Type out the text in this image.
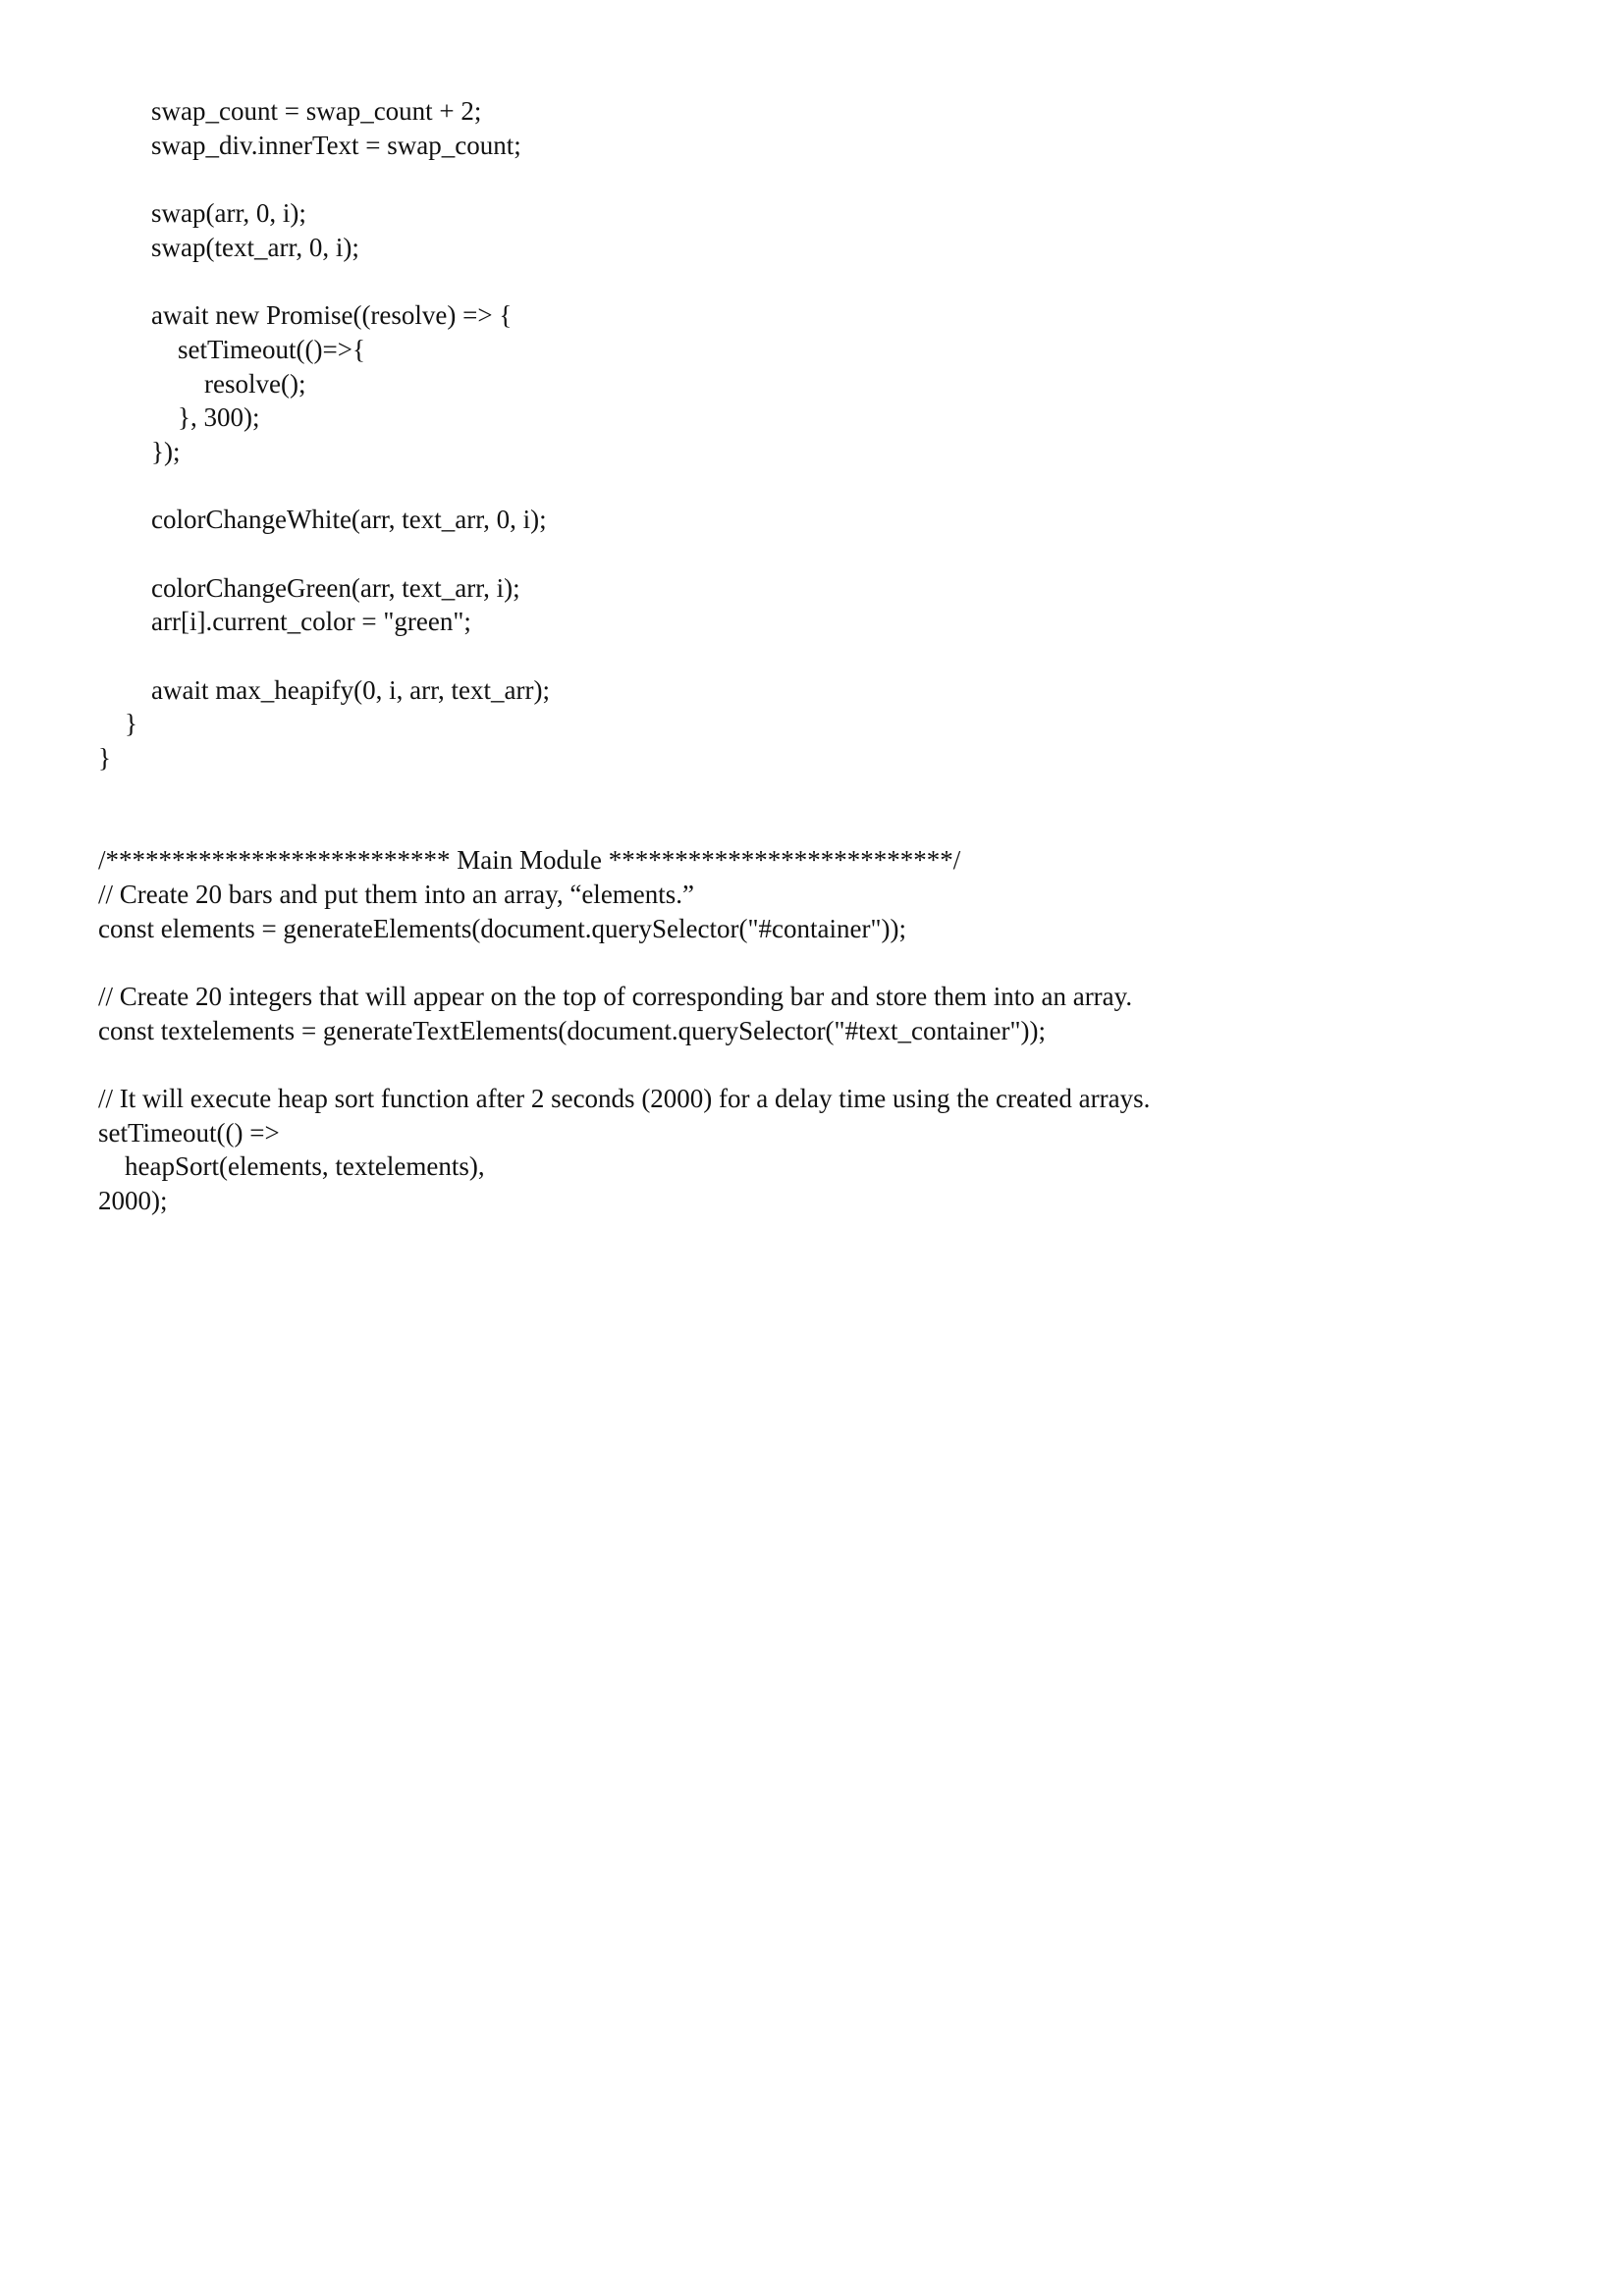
swap_count = swap_count + 2;
swap_div.innerText = swap_count;
swap(arr, 0, i);
swap(text_arr, 0, i);
await new Promise((resolve) => {
setTimeout(()=>{
resolve();
}, 300);
});
colorChangeWhite(arr, text_arr, 0, i);
colorChangeGreen(arr, text_arr, i);
arr[i].current_color = "green";
await max_heapify(0, i, arr, text_arr);
}
}
/************************** Main Module **************************/
// Create 20 bars and put them into an array, “elements.”
const elements = generateElements(document.querySelector("#container"));
// Create 20 integers that will appear on the top of corresponding bar and store them into an array.
const textelements = generateTextElements(document.querySelector("#text_container"));
// It will execute heap sort function after 2 seconds (2000) for a delay time using the created arrays.
setTimeout(() =>
heapSort(elements, textelements),
2000);
